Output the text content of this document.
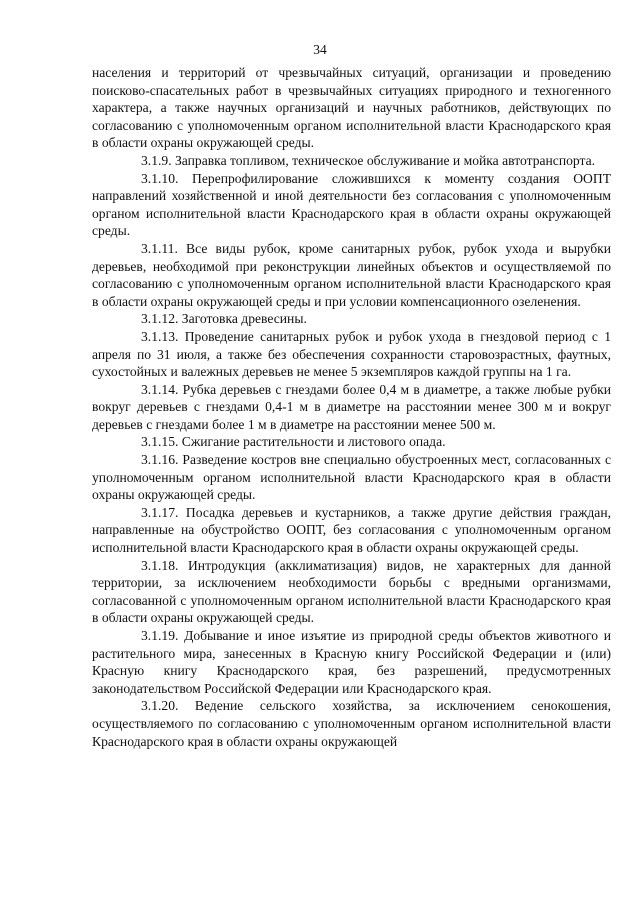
34

населения и территорий от чрезвычайных ситуаций, организации и проведению поисково-спасательных работ в чрезвычайных ситуациях природного и техногенного характера, а также научных организаций и научных работников, действующих по согласованию с уполномоченным органом исполнительной власти Краснодарского края в области охраны окружающей среды.

3.1.9. Заправка топливом, техническое обслуживание и мойка автотранспорта.

3.1.10. Перепрофилирование сложившихся к моменту создания ООПТ направлений хозяйственной и иной деятельности без согласования с уполномоченным органом исполнительной власти Краснодарского края в области охраны окружающей среды.

3.1.11. Все виды рубок, кроме санитарных рубок, рубок ухода и вырубки деревьев, необходимой при реконструкции линейных объектов и осуществляемой по согласованию с уполномоченным органом исполнительной власти Краснодарского края в области охраны окружающей среды и при условии компенсационного озеленения.

3.1.12. Заготовка древесины.

3.1.13. Проведение санитарных рубок и рубок ухода в гнездовой период с 1 апреля по 31 июля, а также без обеспечения сохранности старовозрастных, фаутных, сухостойных и валежных деревьев не менее 5 экземпляров каждой группы на 1 га.

3.1.14. Рубка деревьев с гнездами более 0,4 м в диаметре, а также любые рубки вокруг деревьев с гнездами 0,4-1 м в диаметре на расстоянии менее 300 м и вокруг деревьев с гнездами более 1 м в диаметре на расстоянии менее 500 м.

3.1.15. Сжигание растительности и листового опада.

3.1.16. Разведение костров вне специально обустроенных мест, согласованных с уполномоченным органом исполнительной власти Краснодарского края в области охраны окружающей среды.

3.1.17. Посадка деревьев и кустарников, а также другие действия граждан, направленные на обустройство ООПТ, без согласования с уполномоченным органом исполнительной власти Краснодарского края в области охраны окружающей среды.

3.1.18. Интродукция (акклиматизация) видов, не характерных для данной территории, за исключением необходимости борьбы с вредными организмами, согласованной с уполномоченным органом исполнительной власти Краснодарского края в области охраны окружающей среды.

3.1.19. Добывание и иное изъятие из природной среды объектов животного и растительного мира, занесенных в Красную книгу Российской Федерации и (или) Красную книгу Краснодарского края, без разрешений, предусмотренных законодательством Российской Федерации или Краснодарского края.

3.1.20. Ведение сельского хозяйства, за исключением сенокошения, осуществляемого по согласованию с уполномоченным органом исполнительной власти Краснодарского края в области охраны окружающей
